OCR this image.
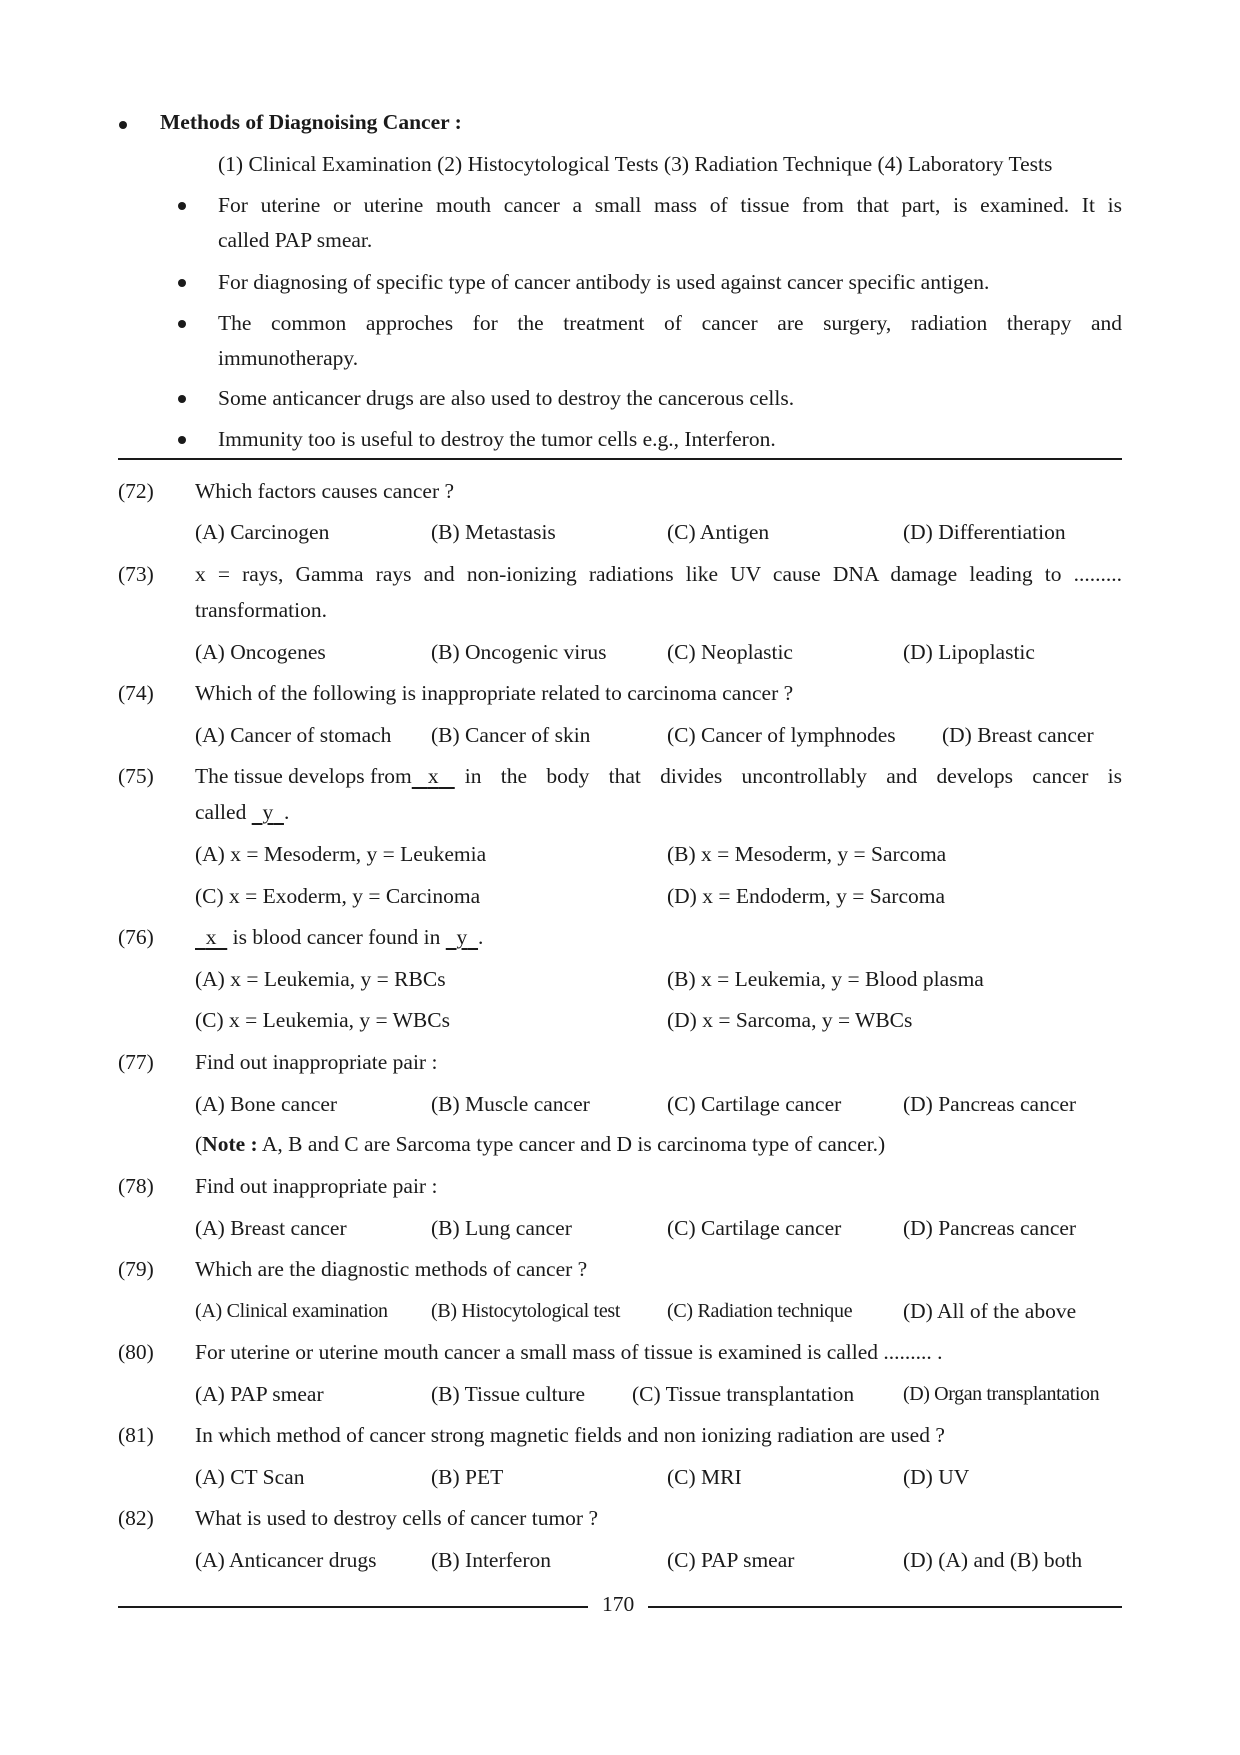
Methods of Diagnoising Cancer :
(1) Clinical Examination (2) Histocytological Tests (3) Radiation Technique (4) Laboratory Tests
For uterine or uterine mouth cancer a small mass of tissue from that part, is examined. It is
called PAP smear.
For diagnosing of specific type of cancer antibody is used against cancer specific antigen.
The common approches for the treatment of cancer are surgery, radiation therapy and
immunotherapy.
Some anticancer drugs are also used to destroy the cancerous cells.
Immunity too is useful to destroy the tumor cells e.g., Interferon.
(72) Which factors causes cancer ?
(A) Carcinogen	(B) Metastasis	(C) Antigen	(D) Differentiation
(73) x = rays, Gamma rays and non-ionizing radiations like UV cause DNA damage leading to .........
transformation.
(A) Oncogenes	(B) Oncogenic virus	(C) Neoplastic	(D) Lipoplastic
(74) Which of the following is inappropriate related to carcinoma cancer ?
(A) Cancer of stomach (B) Cancer of skin	(C) Cancer of lymphnodes (D) Breast cancer
(75) The tissue develops from x	in the body that divides uncontrollably and develops cancer is
called y .
(A) x = Mesoderm, y = Leukemia	(B) x = Mesoderm, y = Sarcoma
(C) x = Exoderm, y = Carcinoma	(D) x = Endoderm, y = Sarcoma
(76)	x is blood cancer found in y .
(A) x = Leukemia, y = RBCs	(B) x = Leukemia, y = Blood plasma
(C) x = Leukemia, y = WBCs	(D) x = Sarcoma, y = WBCs
(77) Find out inappropriate pair :
(A) Bone cancer	(B) Muscle cancer	(C) Cartilage cancer	(D) Pancreas cancer
(Note : A, B and C are Sarcoma type cancer and D is carcinoma type of cancer.)
(78) Find out inappropriate pair :
(A) Breast cancer	(B) Lung cancer	(C) Cartilage cancer	(D) Pancreas cancer
(79) Which are the diagnostic methods of cancer ?
(A) Clinical examination (B) Histocytological test (C) Radiation technique (D) All of the above
(80) For uterine or uterine mouth cancer a small mass of tissue is examined is called ......... .
(A) PAP smear	(B) Tissue culture (C) Tissue transplantation (D) Organ transplantation
(81) In which method of cancer strong magnetic fields and non ionizing radiation are used ?
(A) CT Scan	(B) PET	(C) MRI	(D) UV
(82) What is used to destroy cells of cancer tumor ?
(A) Anticancer drugs	(B) Interferon	(C) PAP smear	(D) (A) and (B) both
170
